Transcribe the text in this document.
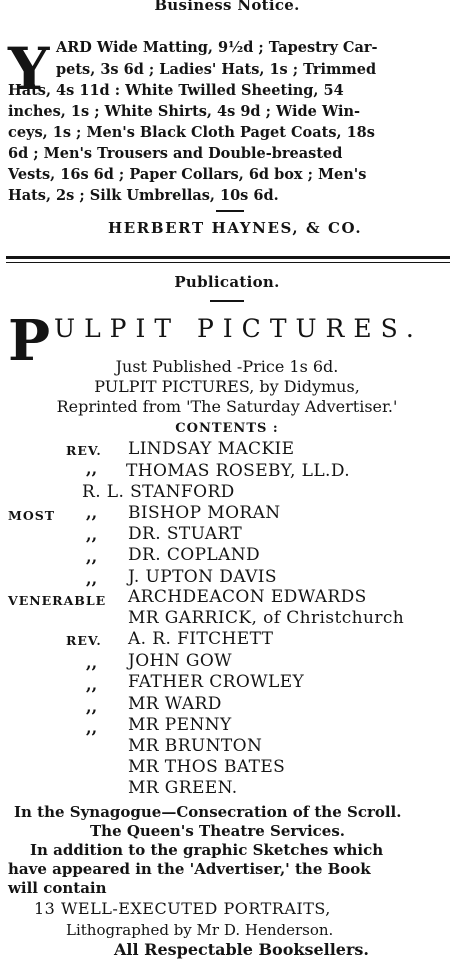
Business Notice.
Y ARD Wide Matting, 9½d ; Tapestry Car-
pets, 3s 6d ; Ladies' Hats, 1s ; Trimmed
Hats, 4s 11d : White Twilled Sheeting, 54
inches, 1s ; White Shirts, 4s 9d ; Wide Win-
ceys, 1s ; Men's Black Cloth Paget Coats, 18s
6d ; Men's Trousers and Double-breasted
Vests, 16s 6d ; Paper Collars, 6d box ; Men's
Hats, 2s ; Silk Umbrellas, 10s 6d.
HERBERT HAYNES, & CO.
Publication.
P ULPIT PICTURES.
Just Published -Price 1s 6d.
PULPIT PICTURES, by Didymus,
Reprinted from 'The Saturday Advertiser.'
CONTENTS :
REV. LINDSAY MACKIE
,, THOMAS ROSEBY, LL.D.
R. L. STANFORD
MOST ,, BISHOP MORAN
,, DR. STUART
,, DR. COPLAND
,, J. UPTON DAVIS
VENERABLE ARCHDEACON EDWARDS
MR GARRICK, of Christchurch
REV. A. R. FITCHETT
,, JOHN GOW
,, FATHER CROWLEY
,, MR WARD
,, MR PENNY
MR BRUNTON
MR THOS BATES
MR GREEN.
In the Synagogue—Consecration of the Scroll.
The Queen's Theatre Services.
In addition to the graphic Sketches which
have appeared in the 'Advertiser,' the Book
will contain
13 WELL-EXECUTED PORTRAITS,
Lithographed by Mr D. Henderson.
All Respectable Booksellers.
